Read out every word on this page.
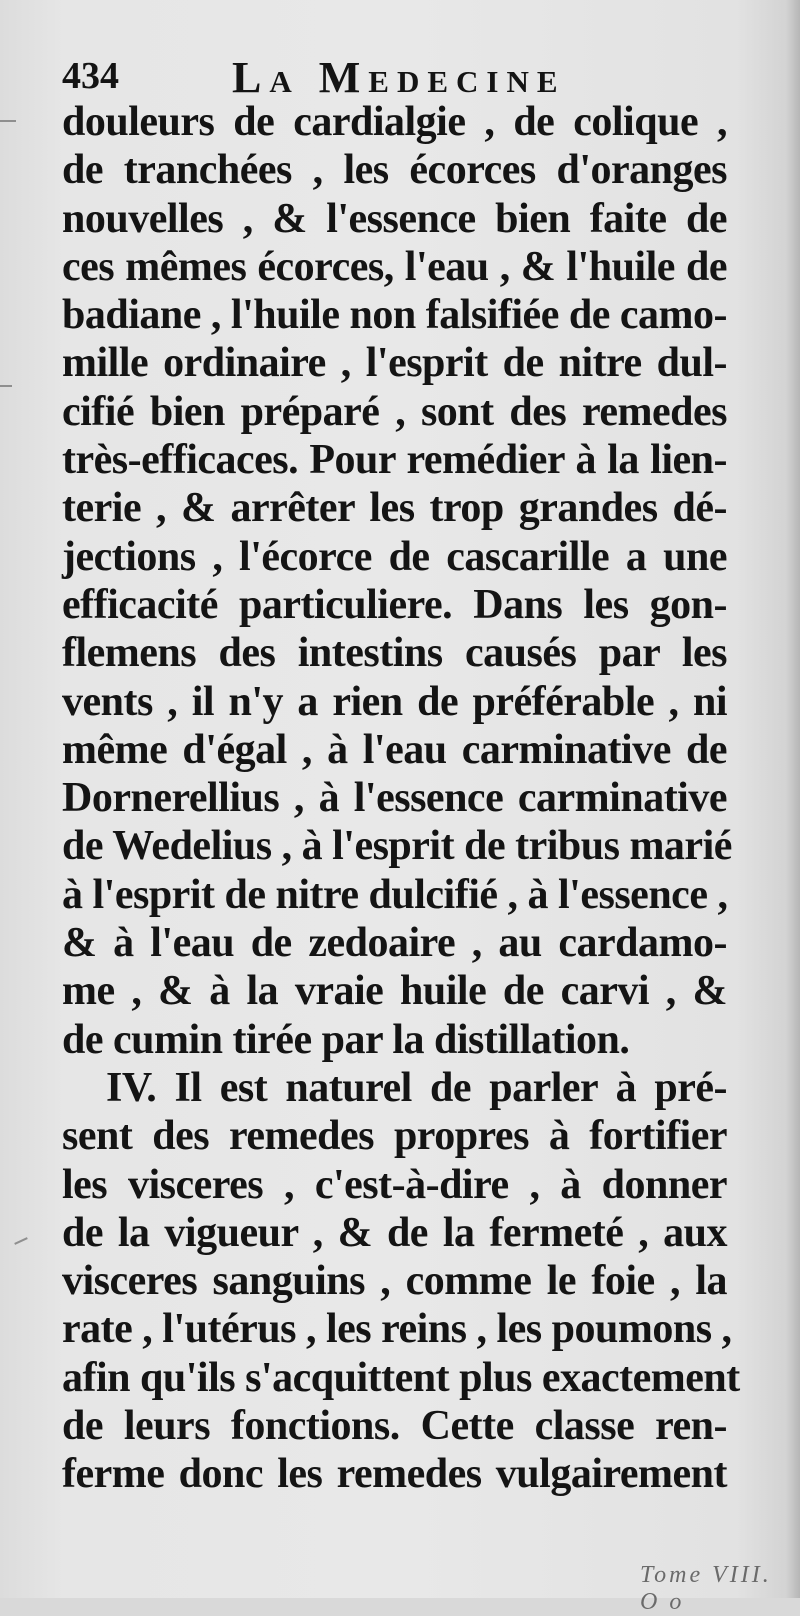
434	La Medecine
douleurs de cardialgie , de colique ,
de tranchées , les écorces d'oranges
nouvelles , & l'essence bien faite de
ces mêmes écorces, l'eau , & l'huile de
badiane , l'huile non falsifiée de camo-
mille ordinaire , l'esprit de nitre dul-
cifié bien préparé , sont des remedes
très-efficaces. Pour remédier à la lien-
terie , & arrêter les trop grandes dé-
jections , l'écorce de cascarille a une
efficacité particuliere. Dans les gon-
flemens des intestins causés par les
vents , il n'y a rien de préférable , ni
même d'égal , à l'eau carminative de
Dornerellius , à l'essence carminative
de Wedelius , à l'esprit de tribus marié
à l'esprit de nitre dulcifié , à l'essence ,
& à l'eau de zedoaire , au cardamo-
me , & à la vraie huile de carvi , &
de cumin tirée par la distillation.
IV. Il est naturel de parler à pré-
sent des remedes propres à fortifier
les visceres , c'est-à-dire , à donner
de la vigueur , & de la fermeté , aux
visceres sanguins , comme le foie , la
rate , l'utérus , les reins , les poumons ,
afin qu'ils s'acquittent plus exactement
de leurs fonctions. Cette classe ren-
ferme donc les remedes vulgairement
Tome VIII. O o
